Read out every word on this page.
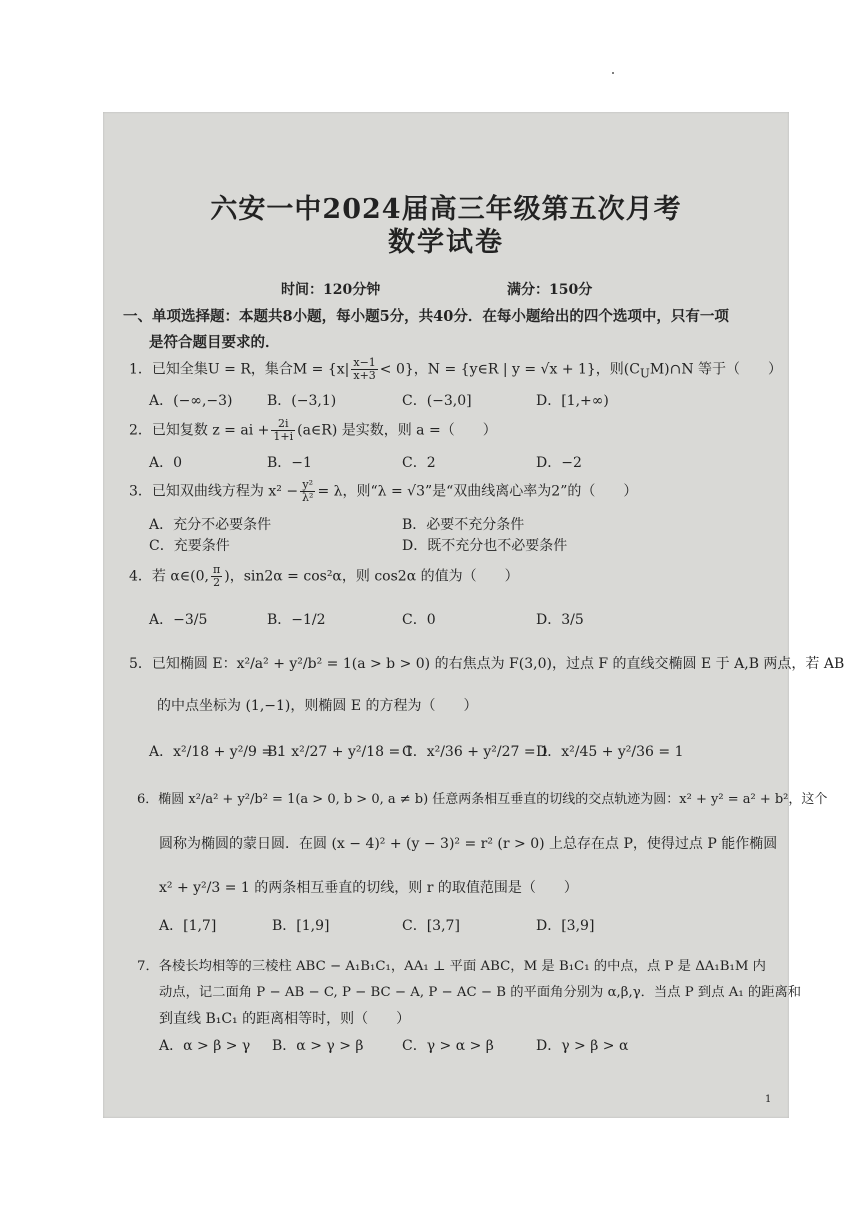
六安一中2024届高三年级第五次月考
数学试卷
时间：120分钟	满分：150分
一、单项选择题：本题共8小题，每小题5分，共40分．在每小题给出的四个选项中，只有一项
是符合题目要求的．
1．已知全集U = R，集合$M = \{x| \frac{x-1}{x+3} < 0\}$，N = {y∈R | y = √x + 1}，则$(C_UM)\cap N$ 等于（　　）
A．(−∞,−3) B．(−3,1)	C．(−3,0]	D．[1,+∞)
2．已知复数 z = ai + $\frac{2i}{1+i}$ (a∈R) 是实数，则 a =（　　）
A．0	B．−1	C．2	D．−2
3．已知双曲线方程为 $x^2 - \frac{\text{y²}}{\text{λ²}} = \lambda$，则“λ = √3”是“双曲线离心率为2”的（　　）
A．充分不必要条件	B．必要不充分条件
C．充要条件	D．既不充分也不必要条件
4．若 α∈(0, $\frac{\pi}{2}$ )，sin2α = cos²α，则 cos2α 的值为（　　）
A．−3/5	B．−1/2	C．0	D．3/5
5．已知椭圆 E：x²/a² + y²/b² = 1(a > b > 0) 的右焦点为 F(3,0)，过点 F 的直线交椭圆 E 于 A,B 两点，若 AB
的中点坐标为 (1,−1)，则椭圆 E 的方程为（　　）
A．x²/18 + y²/9 = 1
B．x²/27 + y²/18 = 1
C．x²/36 + y²/27 = 1
D．x²/45 + y²/36 = 1
6．椭圆 x²/a² + y²/b² = 1(a > 0, b > 0, a ≠ b) 任意两条相互垂直的切线的交点轨迹为圆：x² + y² = a² + b²，这个
圆称为椭圆的蒙日圆．在圆 (x − 4)² + (y − 3)² = r² (r > 0) 上总存在点 P，使得过点 P 能作椭圆
x² + y²/3 = 1 的两条相互垂直的切线，则 r 的取值范围是（　　）
A．[1,7]	B．[1,9]	C．[3,7]	D．[3,9]
7．各棱长均相等的三棱柱 ABC − A₁B₁C₁，AA₁ ⊥ 平面 ABC，M 是 B₁C₁ 的中点，点 P 是 ΔA₁B₁M 内
动点，记二面角 P − AB − C, P − BC − A, P − AC − B 的平面角分别为 α,β,γ．当点 P 到点 A₁ 的距离和
到直线 B₁C₁ 的距离相等时，则（　　）
A．α > β > γ B．α > γ > β	C．γ > α > β	D．γ > β > α
1
